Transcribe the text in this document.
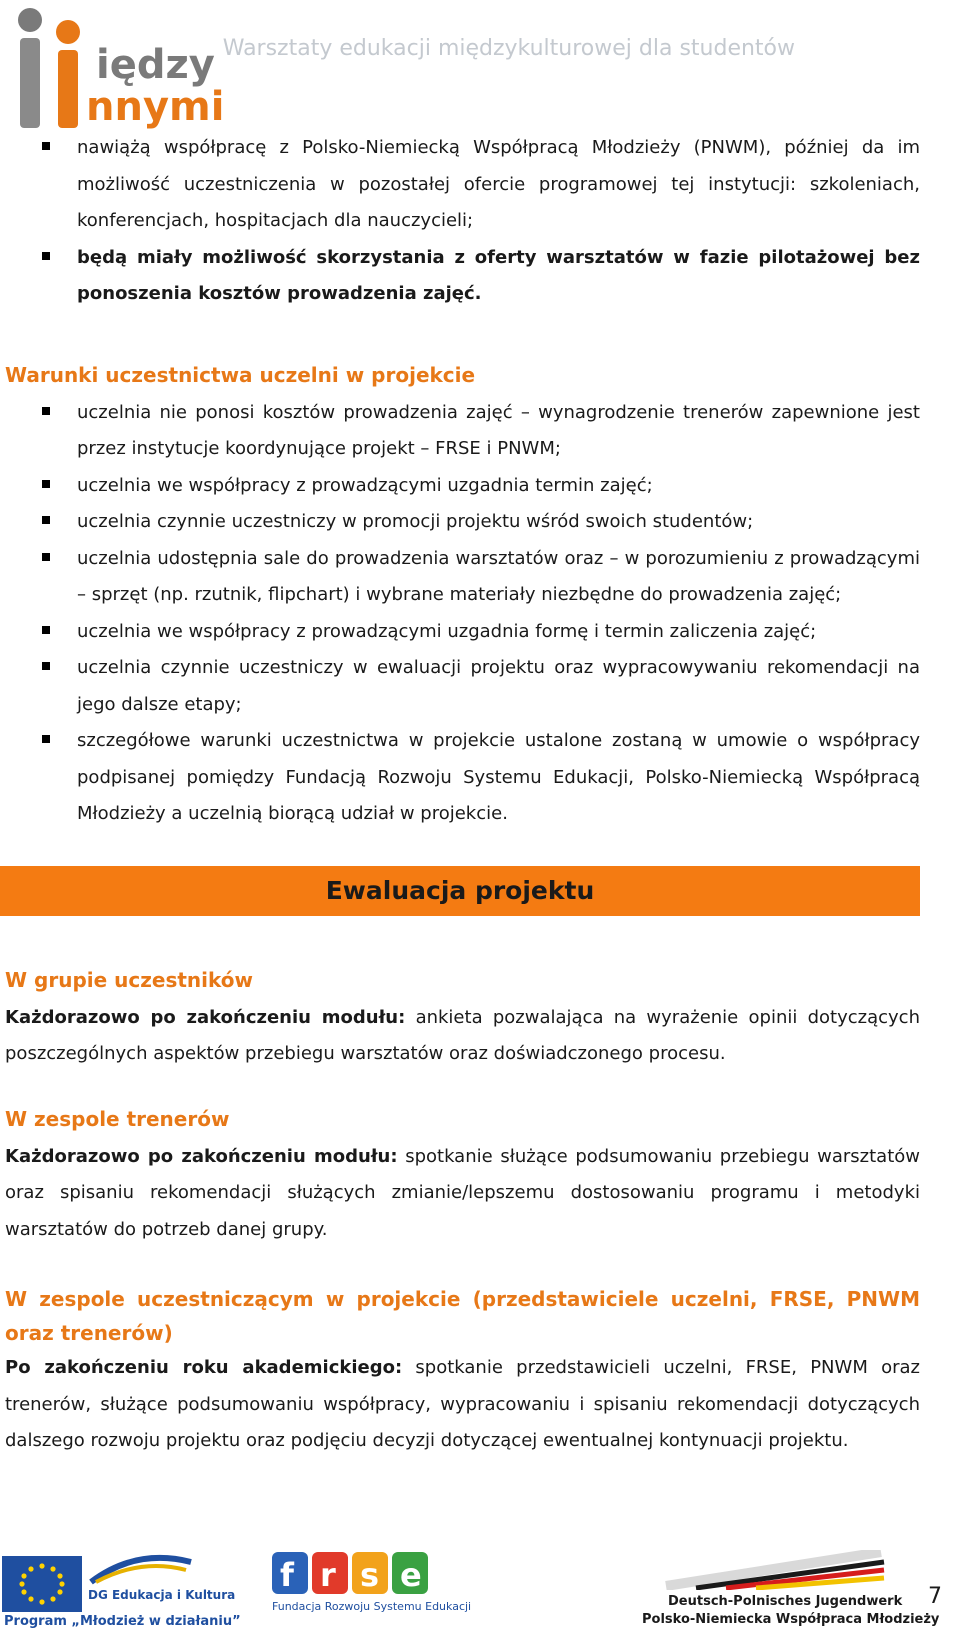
iędzy
nnymi
Warsztaty edukacji międzykulturowej dla studentów
nawiążą współpracę z Polsko-Niemiecką Współpracą Młodzieży (PNWM), później da im możliwość uczestniczenia w pozostałej ofercie programowej tej instytucji: szkoleniach, konferencjach, hospitacjach dla nauczycieli;
będą miały możliwość skorzystania z oferty warsztatów w fazie pilotażowej bez ponoszenia kosztów prowadzenia zajęć.
Warunki uczestnictwa uczelni w projekcie
uczelnia nie ponosi kosztów prowadzenia zajęć – wynagrodzenie trenerów zapewnione jest przez instytucje koordynujące projekt – FRSE i PNWM;
uczelnia we współpracy z prowadzącymi uzgadnia termin zajęć;
uczelnia czynnie uczestniczy w promocji projektu wśród swoich studentów;
uczelnia udostępnia sale do prowadzenia warsztatów oraz – w porozumieniu z prowadzącymi – sprzęt (np. rzutnik, flipchart) i wybrane materiały niezbędne do prowadzenia zajęć;
uczelnia we współpracy z prowadzącymi uzgadnia formę i termin zaliczenia zajęć;
uczelnia czynnie uczestniczy w ewaluacji projektu oraz wypracowywaniu rekomendacji na jego dalsze etapy;
szczegółowe warunki uczestnictwa w projekcie ustalone zostaną w umowie o współpracy podpisanej pomiędzy Fundacją Rozwoju Systemu Edukacji, Polsko-Niemiecką Współpracą Młodzieży a uczelnią biorącą udział w projekcie.
Ewaluacja projektu
W grupie uczestników

Każdorazowo po zakończeniu modułu: ankieta pozwalająca na wyrażenie opinii dotyczących poszczególnych aspektów przebiegu warsztatów oraz doświadczonego procesu.

W zespole trenerów

Każdorazowo po zakończeniu modułu: spotkanie służące podsumowaniu przebiegu warsztatów oraz spisaniu rekomendacji służących zmianie/lepszemu dostosowaniu programu i metodyki warsztatów do potrzeb danej grupy.

W zespole uczestniczącym w projekcie (przedstawiciele uczelni, FRSE, PNWM oraz trenerów)

Po zakończeniu roku akademickiego: spotkanie przedstawicieli uczelni, FRSE, PNWM oraz trenerów, służące podsumowaniu współpracy, wypracowaniu i spisaniu rekomendacji dotyczących dalszego rozwoju projektu oraz podjęciu decyzji dotyczącej ewentualnej kontynuacji projektu.

DG Edukacja i Kultura
Program „Młodzież w działaniu”
f r s e
Fundacja Rozwoju Systemu Edukacji	Deutsch-Polnisches Jugendwerk
Polsko-Niemiecka Współpraca Młodzieży
7
